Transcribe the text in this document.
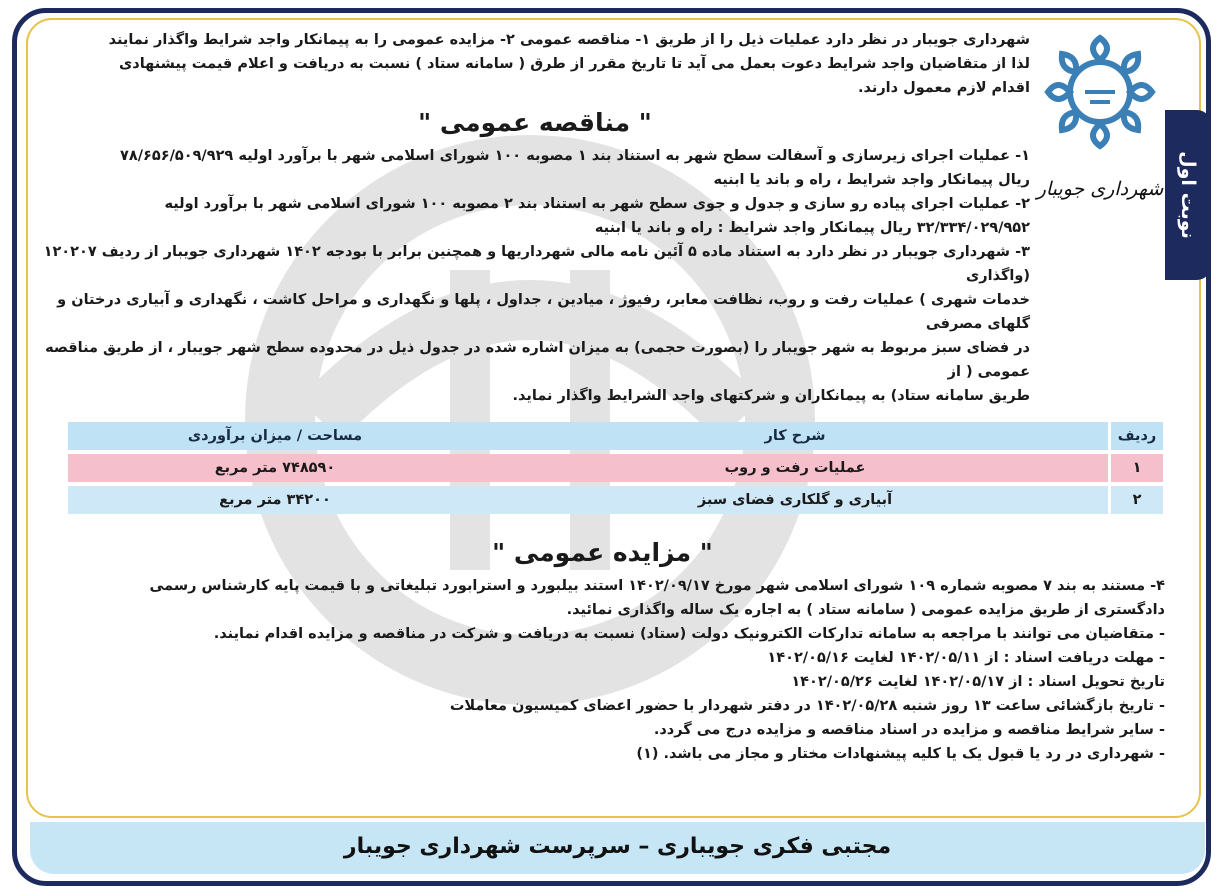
نوبت اول
شهرداری جویبار

شهرداری جویبار در نظر دارد عملیات ذیل را از طریق ۱- مناقصه عمومی ۲- مزایده عمومی را به پیمانکار واجد شرایط واگذار نمایند

لذا از متقاضیان واجد شرایط دعوت بعمل می آید تا تاریخ مقرر از طرق ( سامانه ستاد ) نسبت به دریافت و اعلام قیمت پیشنهادی

اقدام لازم معمول دارند.

" مناقصه عمومی "

۱- عملیات اجرای زیرسازی و آسفالت سطح شهر به استناد بند ۱ مصوبه ۱۰۰ شورای اسلامی شهر با برآورد اولیه ۷۸/۶۵۶/۵۰۹/۹۲۹

ریال پیمانکار واجد شرایط ، راه و باند یا ابنیه

۲- عملیات اجرای پیاده رو سازی و جدول و جوی سطح شهر به استناد بند ۲ مصوبه ۱۰۰ شورای اسلامی شهر با برآورد اولیه

۳۲/۳۳۴/۰۲۹/۹۵۲ ریال پیمانکار واجد شرایط : راه و باند یا ابنیه

۳- شهرداری جویبار در نظر دارد به استناد ماده ۵ آئین نامه مالی شهرداریها و همچنین برابر با بودجه ۱۴۰۲ شهرداری جویبار از ردیف ۱۲۰۲۰۷ (واگذاری

خدمات شهری ) عملیات رفت و روب، نظافت معابر، رفیوژ ، میادین ، جداول ، پلها و نگهداری و مراحل کاشت ، نگهداری و آبیاری درختان و گلهای مصرفی

در فضای سبز مربوط به شهر جویبار را (بصورت حجمی) به میزان اشاره شده در جدول ذیل در محدوده سطح شهر جویبار ، از طریق مناقصه عمومی ( از

طریق سامانه ستاد) به پیمانکاران و شرکتهای واجد الشرایط واگذار نماید.

ردیف	شرح کار	مساحت / میزان برآوردی
۱	عملیات رفت و روب	۷۴۸۵۹۰ متر مربع
۲	آبیاری و گلکاری فضای سبز	۳۴۲۰۰ متر مربع
" مزایده عمومی "

۴- مستند به بند ۷ مصوبه شماره ۱۰۹ شورای اسلامی شهر مورخ ۱۴۰۲/۰۹/۱۷ استند بیلبورد و استرابورد تبلیغاتی و با قیمت پایه کارشناس رسمی

دادگستری از طریق مزایده عمومی ( سامانه ستاد ) به اجاره یک ساله واگذاری نمائید.

- متقاضیان می توانند با مراجعه به سامانه تدارکات الکترونیک دولت (ستاد) نسبت به دریافت و شرکت در مناقصه و مزایده اقدام نمایند.

- مهلت دریافت اسناد : از ۱۴۰۲/۰۵/۱۱ لغایت ۱۴۰۲/۰۵/۱۶

تاریخ تحویل اسناد : از ۱۴۰۲/۰۵/۱۷ لغایت ۱۴۰۲/۰۵/۲۶

- تاریخ بازگشائی ساعت ۱۳ روز شنبه ۱۴۰۲/۰۵/۲۸ در دفتر شهردار با حضور اعضای کمیسیون معاملات

- سایر شرایط مناقصه و مزایده در اسناد مناقصه و مزایده درج می گردد.

- شهرداری در رد یا قبول یک یا کلیه پیشنهادات مختار و مجاز می باشد. (۱)

مجتبی فکری جویباری – سرپرست شهرداری جویبار
